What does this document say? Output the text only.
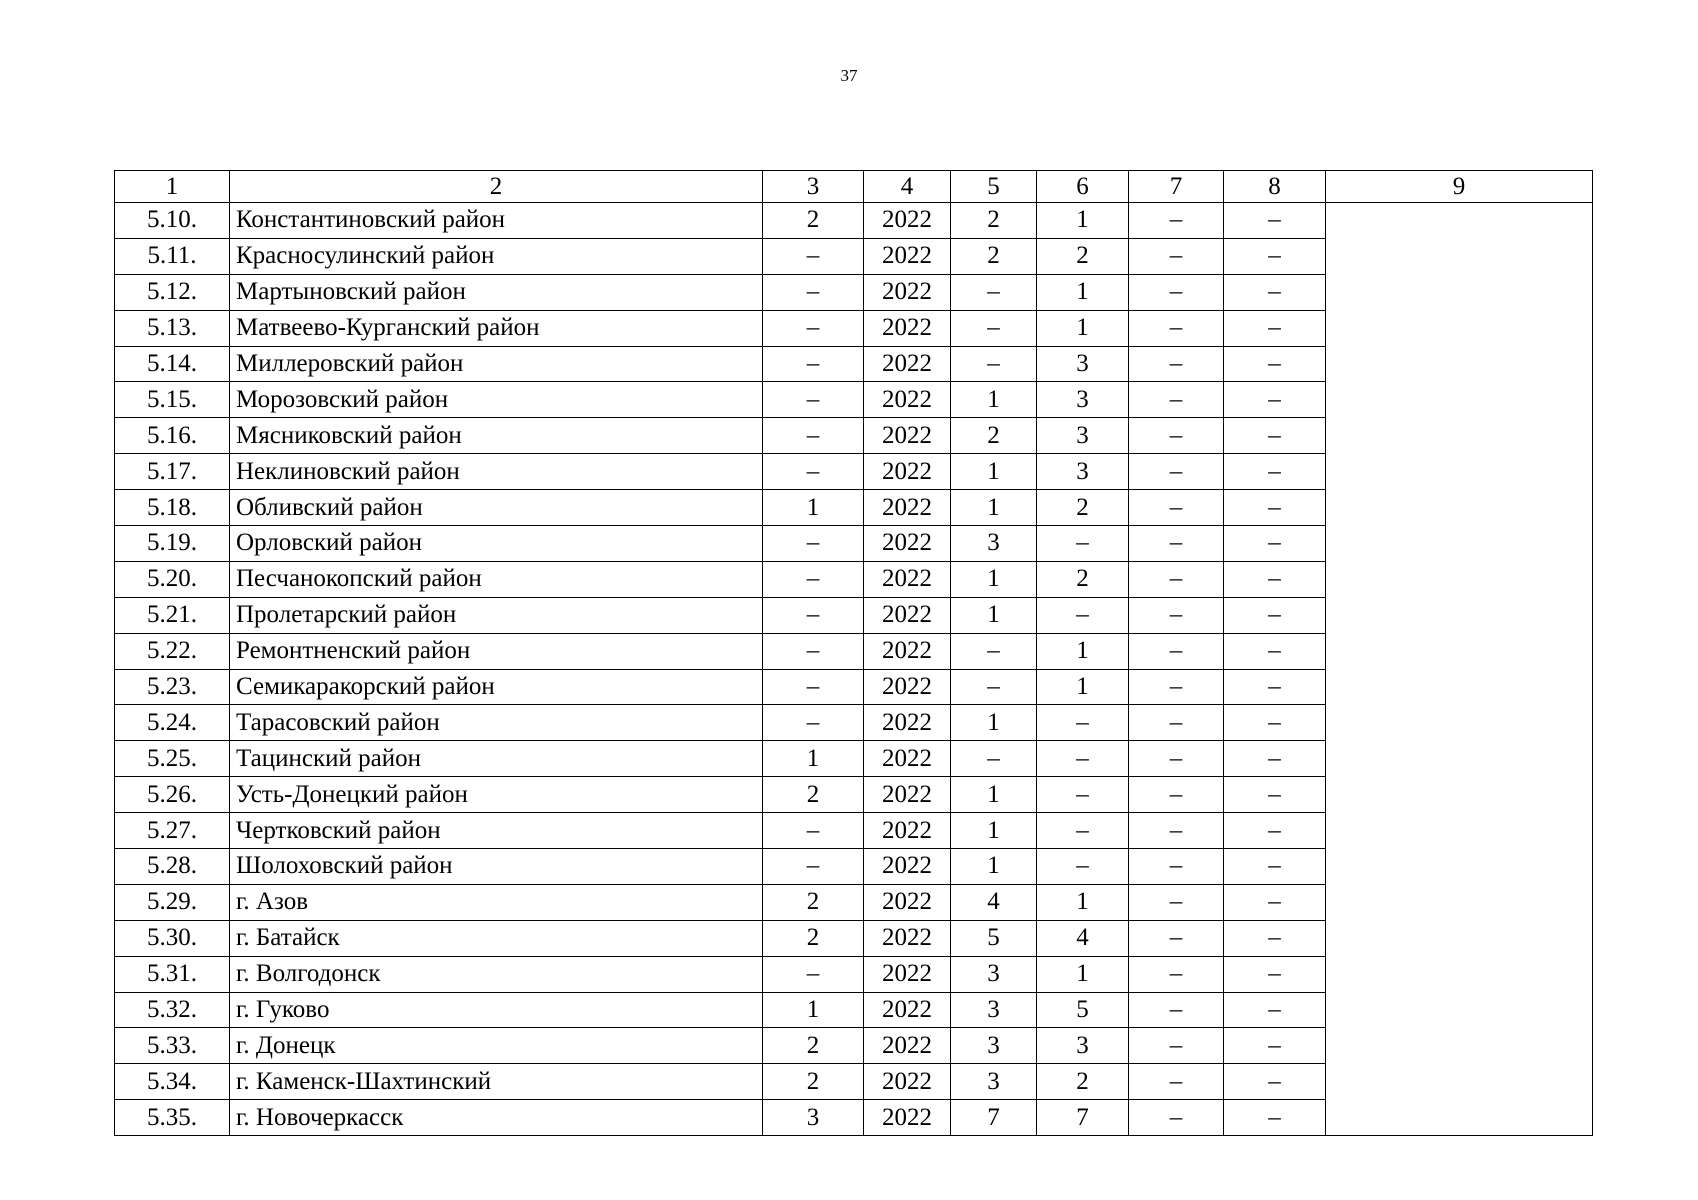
37
1	2	3	4	5	6	7	8	9
5.10.	Константиновский район	2	2022	2	1	–	–	
5.11.	Красносулинский район	–	2022	2	2	–	–	
5.12.	Мартыновский район	–	2022	–	1	–	–	
5.13.	Матвеево-Курганский район	–	2022	–	1	–	–	
5.14.	Миллеровский район	–	2022	–	3	–	–	
5.15.	Морозовский район	–	2022	1	3	–	–	
5.16.	Мясниковский район	–	2022	2	3	–	–	
5.17.	Неклиновский район	–	2022	1	3	–	–	
5.18.	Обливский район	1	2022	1	2	–	–	
5.19.	Орловский район	–	2022	3	–	–	–	
5.20.	Песчанокопский район	–	2022	1	2	–	–	
5.21.	Пролетарский район	–	2022	1	–	–	–	
5.22.	Ремонтненский район	–	2022	–	1	–	–	
5.23.	Семикаракорский район	–	2022	–	1	–	–	
5.24.	Тарасовский район	–	2022	1	–	–	–	
5.25.	Тацинский район	1	2022	–	–	–	–	
5.26.	Усть-Донецкий район	2	2022	1	–	–	–	
5.27.	Чертковский район	–	2022	1	–	–	–	
5.28.	Шолоховский район	–	2022	1	–	–	–	
5.29.	г. Азов	2	2022	4	1	–	–	
5.30.	г. Батайск	2	2022	5	4	–	–	
5.31.	г. Волгодонск	–	2022	3	1	–	–	
5.32.	г. Гуково	1	2022	3	5	–	–	
5.33.	г. Донецк	2	2022	3	3	–	–	
5.34.	г. Каменск-Шахтинский	2	2022	3	2	–	–	
5.35.	г. Новочеркасск	3	2022	7	7	–	–	
